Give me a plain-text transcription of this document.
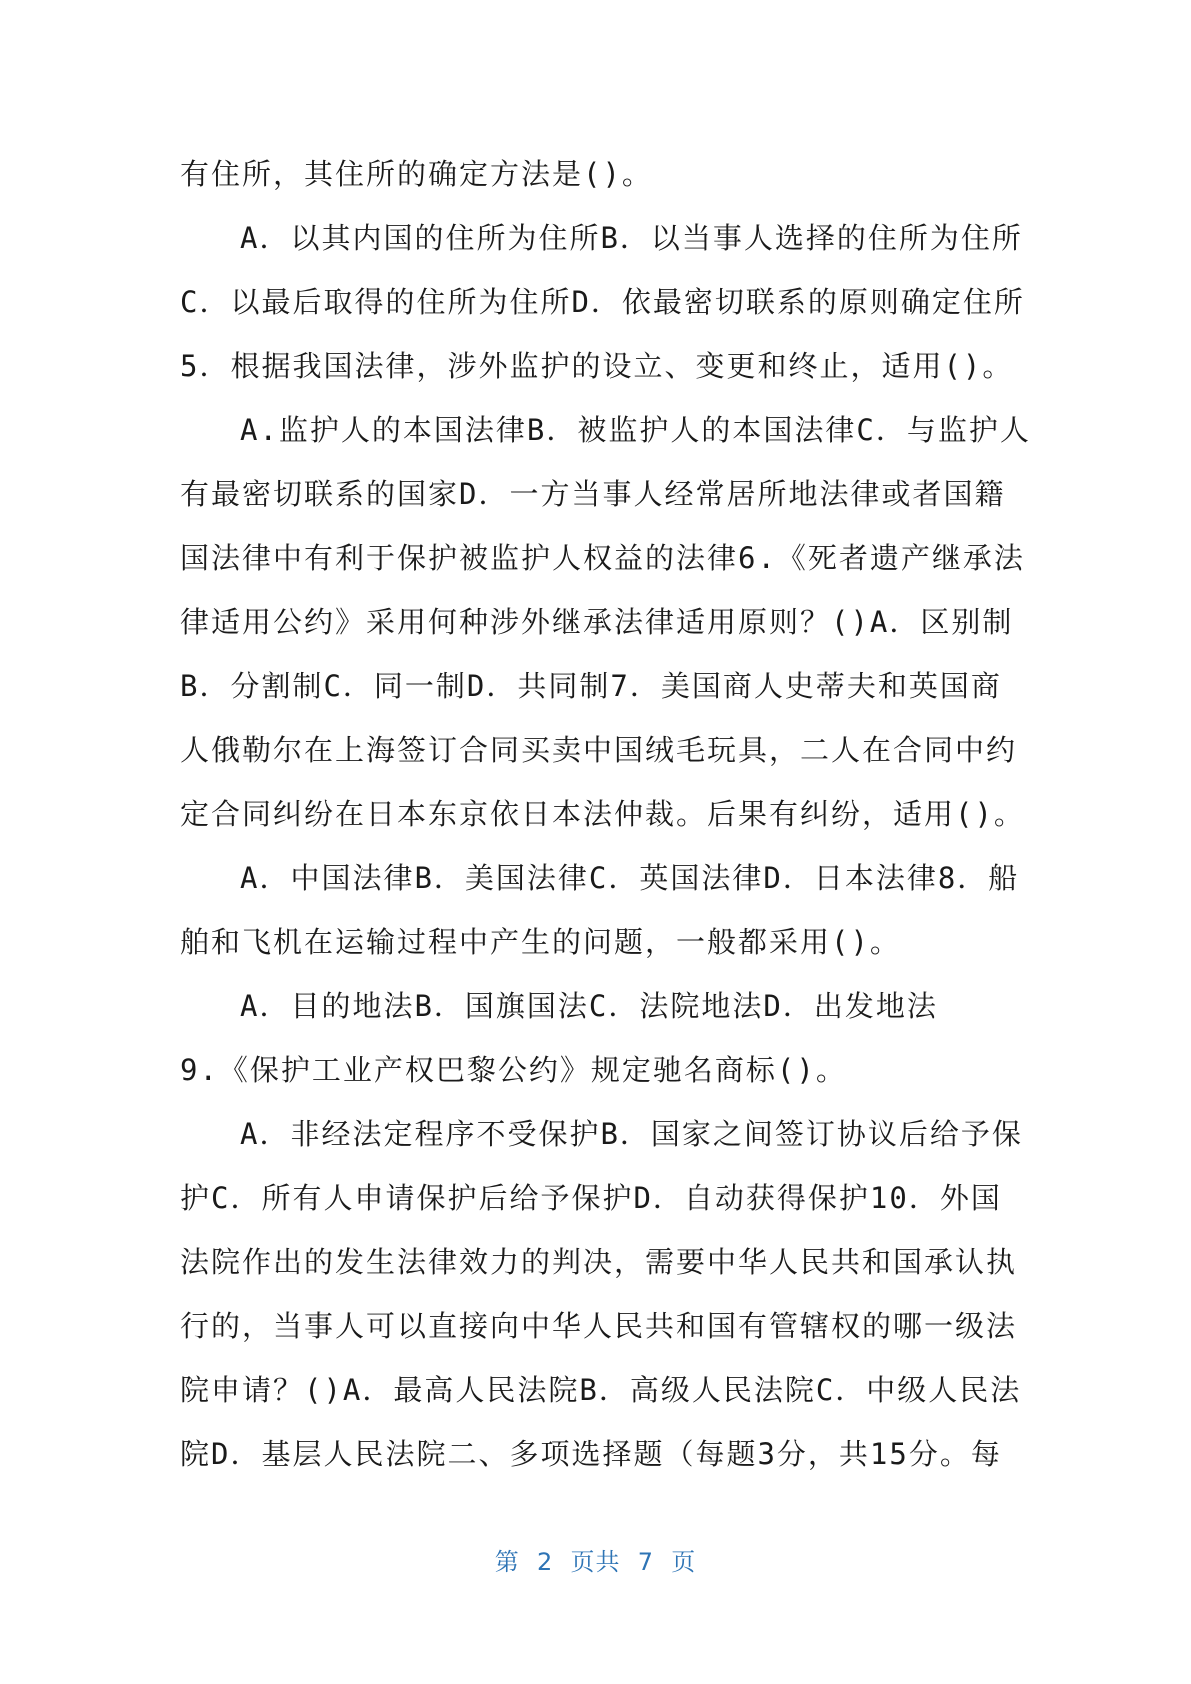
有住所，其住所的确定方法是()。
A．以其内国的住所为住所B．以当事人选择的住所为住所
C．以最后取得的住所为住所D．依最密切联系的原则确定住所
5．根据我国法律，涉外监护的设立、变更和终止，适用()。
A.监护人的本国法律B．被监护人的本国法律C．与监护人
有最密切联系的国家D．一方当事人经常居所地法律或者国籍
国法律中有利于保护被监护人权益的法律6.《死者遗产继承法
律适用公约》采用何种涉外继承法律适用原则？()A．区别制
B．分割制C．同一制D．共同制7．美国商人史蒂夫和英国商
人俄勒尔在上海签订合同买卖中国绒毛玩具，二人在合同中约
定合同纠纷在日本东京依日本法仲裁。后果有纠纷，适用()。
A．中国法律B．美国法律C．英国法律D．日本法律8．船
舶和飞机在运输过程中产生的问题，一般都采用()。
A．目的地法B．国旗国法C．法院地法D．出发地法
9.《保护工业产权巴黎公约》规定驰名商标()。
A．非经法定程序不受保护B．国家之间签订协议后给予保
护C．所有人申请保护后给予保护D．自动获得保护10．外国
法院作出的发生法律效力的判决，需要中华人民共和国承认执
行的，当事人可以直接向中华人民共和国有管辖权的哪一级法
院申请？()A．最高人民法院B．高级人民法院C．中级人民法
院D．基层人民法院二、多项选择题（每题3分，共15分。每
第  2  页共  7  页
